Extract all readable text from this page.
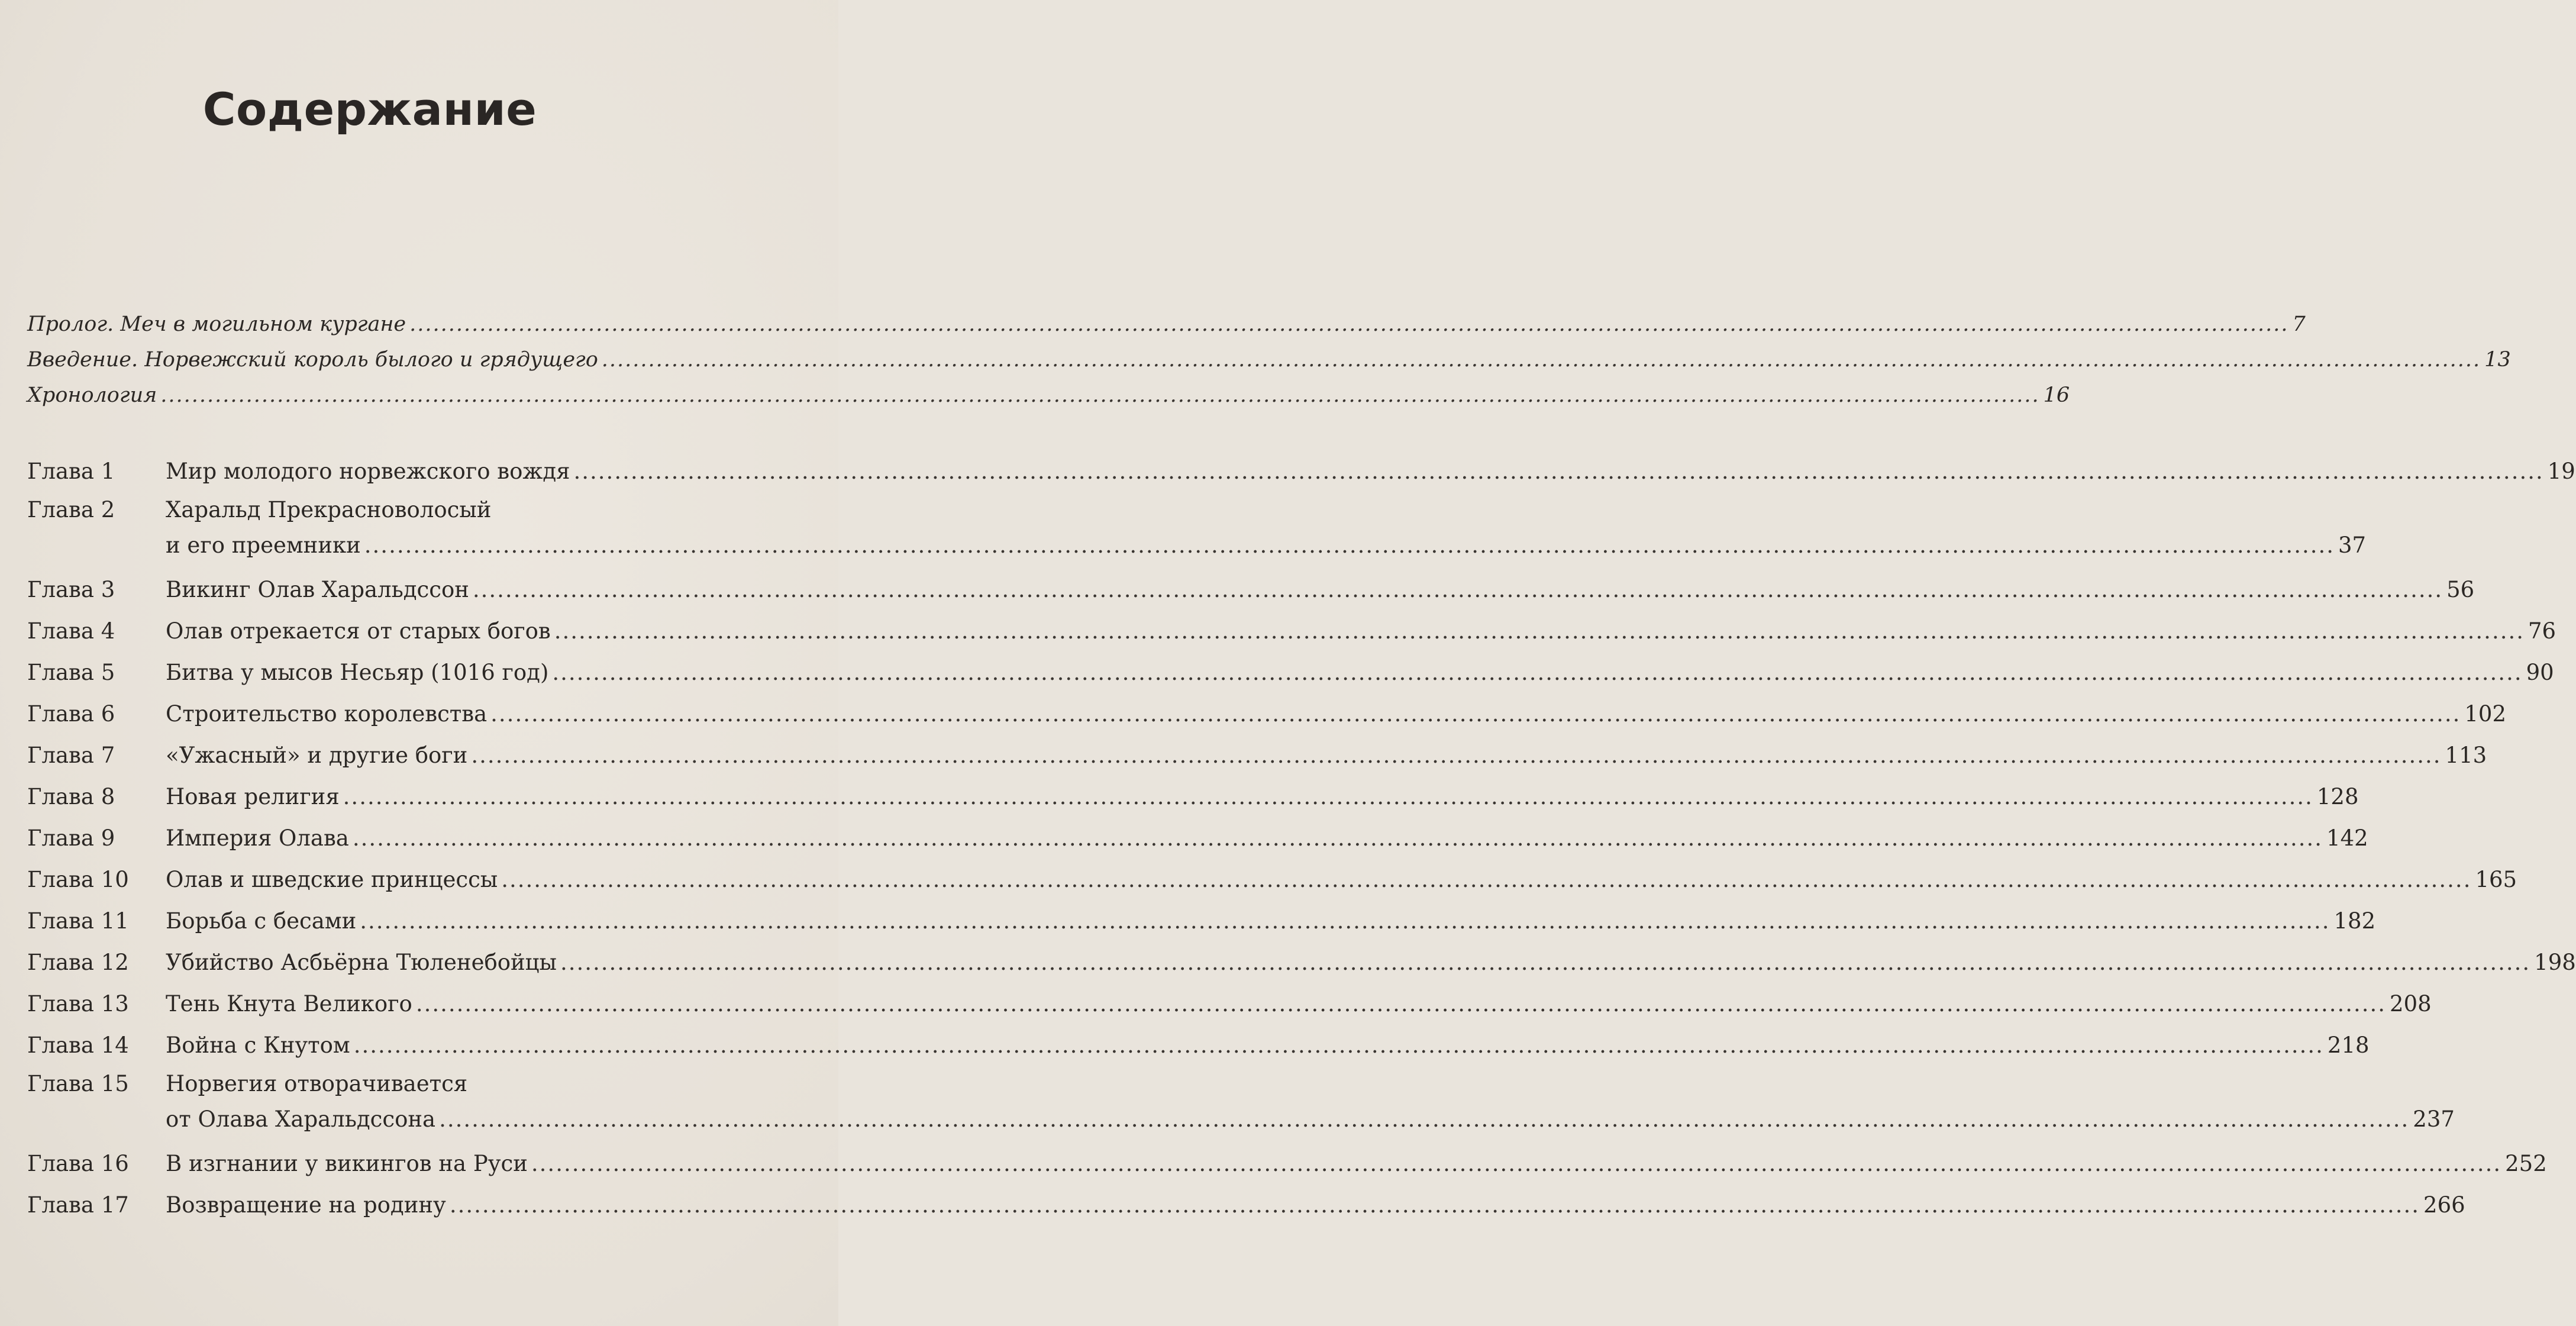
Содержание
Пролог. Меч в могильном кургане .....	7
Введение. Норвежский король былого и грядущего .....	13
Хронология .....	16
Глава 1	Мир молодого норвежского вождя .....	19
Глава 2	Харальд Прекрасноволосый
и его преемники .....	37
Глава 3	Викинг Олав Харальдссон .....	56
Глава 4	Олав отрекается от старых богов .....	76
Глава 5	Битва у мысов Несьяр (1016 год) .....	90
Глава 6	Строительство королевства .....	102
Глава 7	«Ужасный» и другие боги .....	113
Глава 8	Новая религия .....	128
Глава 9	Империя Олава .....	142
Глава 10	Олав и шведские принцессы .....	165
Глава 11	Борьба с бесами .....	182
Глава 12	Убийство Асбьёрна Тюленебойцы .....	198
Глава 13	Тень Кнута Великого .....	208
Глава 14	Война с Кнутом .....	218
Глава 15	Норвегия отворачивается
от Олава Харальдссона .....	237
Глава 16	В изгнании у викингов на Руси .....	252
Глава 17	Возвращение на родину .....	266
